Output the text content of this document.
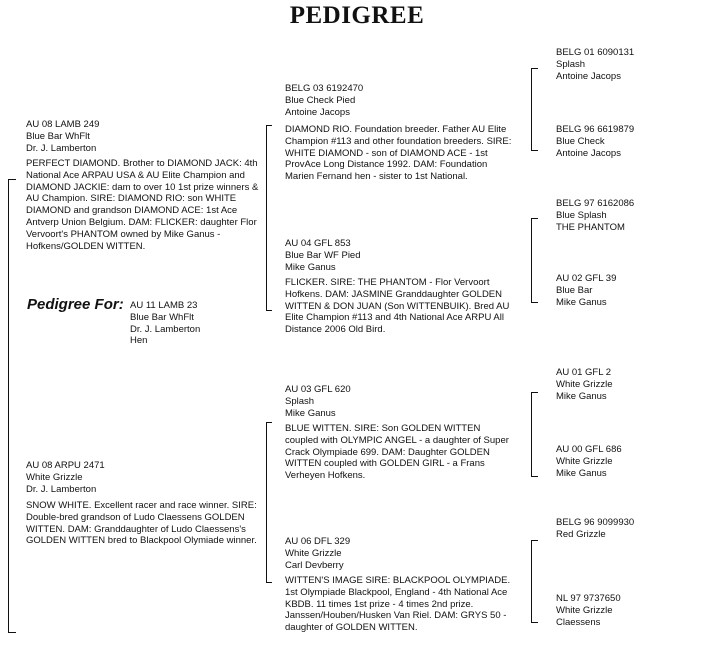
PEDIGREE
AU 08 LAMB 249
Blue Bar WhFlt
Dr. J. Lamberton
PERFECT DIAMOND. Brother to DIAMOND JACK: 4th National Ace ARPAU USA & AU Elite Champion and DIAMOND JACKIE: dam to over 10 1st prize winners & AU Champion. SIRE: DIAMOND RIO: son WHITE DIAMOND and grandson DIAMOND ACE: 1st Ace Antverp Union Belgium. DAM: FLICKER: daughter Flor Vervoort's PHANTOM owned by Mike Ganus - Hofkens/GOLDEN WITTEN.
Pedigree For: AU 11 LAMB 23
Blue Bar WhFlt
Dr. J. Lamberton
Hen
AU 08 ARPU 2471
White Grizzle
Dr. J. Lamberton
SNOW WHITE. Excellent racer and race winner. SIRE: Double-bred grandson of Ludo Claessens GOLDEN WITTEN. DAM: Granddaughter of Ludo Claessens's GOLDEN WITTEN bred to Blackpool Olymiade winner.
BELG 03 6192470
Blue Check Pied
Antoine Jacops
DIAMOND RIO. Foundation breeder. Father AU Elite Champion #113 and other foundation breeders. SIRE: WHITE DIAMOND - son of DIAMOND ACE - 1st ProvAce Long Distance 1992. DAM: Foundation Marien Fernand hen - sister to 1st National.
AU 04 GFL 853
Blue Bar WF Pied
Mike Ganus
FLICKER. SIRE: THE PHANTOM - Flor Vervoort Hofkens. DAM: JASMINE Granddaughter GOLDEN WITTEN & DON JUAN (Son WITTENBUIK). Bred AU Elite Champion #113 and 4th National Ace ARPU All Distance 2006 Old Bird.
AU 03 GFL 620
Splash
Mike Ganus
BLUE WITTEN. SIRE: Son GOLDEN WITTEN coupled with OLYMPIC ANGEL - a daughter of Super Crack Olympiade 699. DAM: Daughter GOLDEN WITTEN coupled with GOLDEN GIRL - a Frans Verheyen Hofkens.
AU 06 DFL 329
White Grizzle
Carl Devberry
WITTEN'S IMAGE SIRE: BLACKPOOL OLYMPIADE. 1st Olympiade Blackpool, England - 4th National Ace KBDB. 11 times 1st prize - 4 times 2nd prize. Janssen/Houben/Husken Van Riel. DAM: GRYS 50 - daughter of GOLDEN WITTEN.
BELG 01 6090131
Splash
Antoine Jacops
BELG 96 6619879
Blue Check
Antoine Jacops
BELG 97 6162086
Blue Splash
THE PHANTOM
AU 02 GFL 39
Blue Bar
Mike Ganus
AU 01 GFL 2
White Grizzle
Mike Ganus
AU 00 GFL 686
White Grizzle
Mike Ganus
BELG 96 9099930
Red Grizzle
NL 97 9737650
White Grizzle
Claessens
